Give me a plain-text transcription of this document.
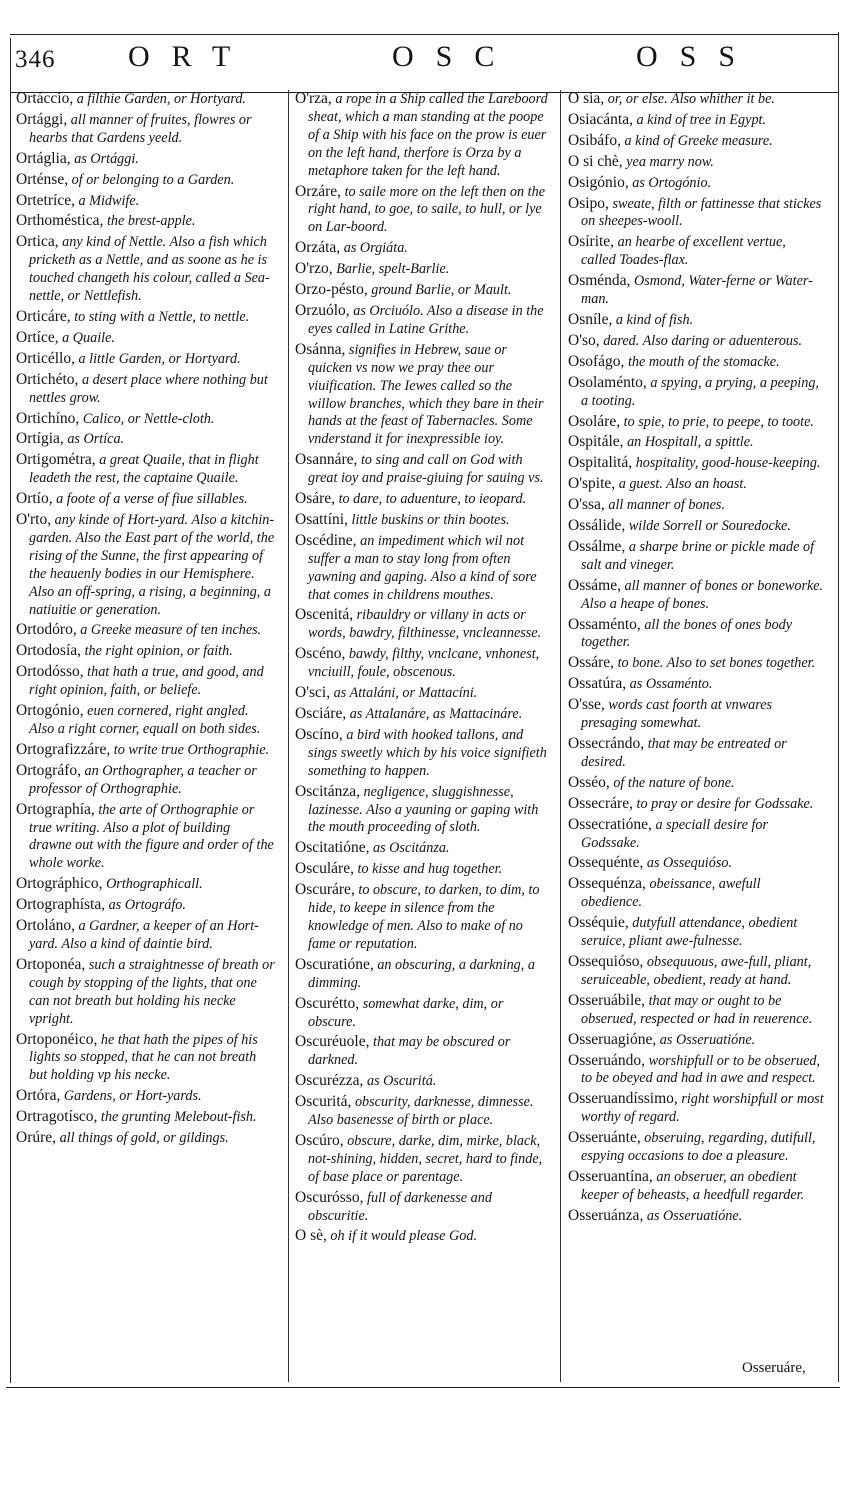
346 ORT	OSC	OSS
Ortáccio, a filthie Garden, or Hortyard.
Ortággi, all manner of fruites, flowres or hearbs that Gardens yeeld.
Ortáglia, as Ortággi.
Orténse, of or belonging to a Garden.
Ortetríce, a Midwife.
Orthoméstica, the brest-apple.
Ortica, any kind of Nettle. Also a fish which pricketh as a Nettle, and as soone as he is touched changeth his colour, called a Sea-nettle, or Nettlefish.
Orticáre, to sting with a Nettle, to nettle.
Ortíce, a Quaile.
Orticéllo, a little Garden, or Hortyard.
Ortichéto, a desert place where nothing but nettles grow.
Ortichíno, Calico, or Nettle-cloth.
Ortígia, as Ortíca.
Ortigométra, a great Quaile, that in flight leadeth the rest, the captaine Quaile.
Ortío, a foote of a verse of fiue sillables.
O'rto, any kinde of Hort-yard. Also a kitchin-garden. Also the East part of the world, the rising of the Sunne, the first appearing of the heauenly bodies in our Hemisphere. Also an off-spring, a rising, a beginning, a natiuitie or generation.
Ortodóro, a Greeke measure of ten inches.
Ortodosía, the right opinion, or faith.
Ortodósso, that hath a true, and good, and right opinion, faith, or beliefe.
Ortogónio, euen cornered, right angled. Also a right corner, equall on both sides.
Ortografizzáre, to write true Orthographie.
Ortográfo, an Orthographer, a teacher or professor of Orthographie.
Ortographía, the arte of Orthographie or true writing. Also a plot of building drawne out with the figure and order of the whole worke.
Ortográphico, Orthographicall.
Ortographísta, as Ortográfo.
Ortoláno, a Gardner, a keeper of an Hort-yard. Also a kind of daintie bird.
Ortoponéa, such a straightnesse of breath or cough by stopping of the lights, that one can not breath but holding his necke vpright.
Ortoponéico, he that hath the pipes of his lights so stopped, that he can not breath but holding vp his necke.
Ortóra, Gardens, or Hort-yards.
Ortragotísco, the grunting Melebout-fish.
Orúre, all things of gold, or gildings.
O'rza, a rope in a Ship called the Lareboord sheat, which a man standing at the poope of a Ship with his face on the prow is euer on the left hand, therfore is Orza by a metaphore taken for the left hand.
Orzáre, to saile more on the left then on the right hand, to goe, to saile, to hull, or lye on Lar-boord.
Orzáta, as Orgiáta.
O'rzo, Barlie, spelt-Barlie.
Orzo-pésto, ground Barlie, or Mault.
Orzuólo, as Orciuólo. Also a disease in the eyes called in Latine Grithe.
Osánna, signifies in Hebrew, saue or quicken vs now we pray thee our viuification. The Iewes called so the willow branches, which they bare in their hands at the feast of Tabernacles. Some vnderstand it for inexpressible ioy.
Osannáre, to sing and call on God with great ioy and praise-giuing for sauing vs.
Osáre, to dare, to aduenture, to ieopard.
Osattíni, little buskins or thin bootes.
Oscédine, an impediment which wil not suffer a man to stay long from often yawning and gaping. Also a kind of sore that comes in childrens mouthes.
Oscenitá, ribauldry or villany in acts or words, bawdry, filthinesse, vncleannesse.
Oscéno, bawdy, filthy, vnclcane, vnhonest, vnciuill, foule, obscenous.
O'sci, as Attaláni, or Mattacíni.
Osciáre, as Attalanáre, as Mattacináre.
Oscíno, a bird with hooked tallons, and sings sweetly which by his voice signifieth something to happen.
Oscitánza, negligence, sluggishnesse, lazinesse. Also a yauning or gaping with the mouth proceeding of sloth.
Oscitatióne, as Oscitánza.
Osculáre, to kisse and hug together.
Oscuráre, to obscure, to darken, to dim, to hide, to keepe in silence from the knowledge of men. Also to make of no fame or reputation.
Oscuratióne, an obscuring, a darkning, a dimming.
Oscurétto, somewhat darke, dim, or obscure.
Oscuréuole, that may be obscured or darkned.
Oscurézza, as Oscuritá.
Oscuritá, obscurity, darknesse, dimnesse. Also basenesse of birth or place.
Oscúro, obscure, darke, dim, mirke, black, not-shining, hidden, secret, hard to finde, of base place or parentage.
Oscurósso, full of darkenesse and obscuritie.
O sè, oh if it would please God.
O sia, or, or else. Also whither it be.
Osiacánta, a kind of tree in Egypt.
Osibáfo, a kind of Greeke measure.
O si chè, yea marry now.
Osigónio, as Ortogónio.
Osipo, sweate, filth or fattinesse that stickes on sheepes-wooll.
Osírite, an hearbe of excellent vertue, called Toades-flax.
Osménda, Osmond, Water-ferne or Water-man.
Osníle, a kind of fish.
O'so, dared. Also daring or aduenterous.
Osofágo, the mouth of the stomacke.
Osolaménto, a spying, a prying, a peeping, a tooting.
Osoláre, to spie, to prie, to peepe, to toote.
Ospitále, an Hospitall, a spittle.
Ospitalitá, hospitality, good-house-keeping.
O'spite, a guest. Also an hoast.
O'ssa, all manner of bones.
Ossálide, wilde Sorrell or Souredocke.
Ossálme, a sharpe brine or pickle made of salt and vineger.
Ossáme, all manner of bones or boneworke. Also a heape of bones.
Ossaménto, all the bones of ones body together.
Ossáre, to bone. Also to set bones together.
Ossatúra, as Ossaménto.
O'sse, words cast foorth at vnwares presaging somewhat.
Ossecrándo, that may be entreated or desired.
Osséo, of the nature of bone.
Ossecráre, to pray or desire for Godssake.
Ossecratióne, a speciall desire for Godssake.
Ossequénte, as Ossequióso.
Ossequénza, obeissance, awefull obedience.
Osséquie, dutyfull attendance, obedient seruice, pliant awe-fulnesse.
Ossequióso, obsequuous, awe-full, pliant, seruiceable, obedient, ready at hand.
Osseruábile, that may or ought to be obserued, respected or had in reuerence.
Osseruagióne, as Osseruatióne.
Osseruándo, worshipfull or to be obserued, to be obeyed and had in awe and respect.
Osseruandíssimo, right worshipfull or most worthy of regard.
Osseruánte, obseruing, regarding, dutifull, espying occasions to doe a pleasure.
Osseruantína, an obseruer, an obedient keeper of beheasts, a heedfull regarder.
Osseruánza, as Osseruatióne.
Osseruáre,
